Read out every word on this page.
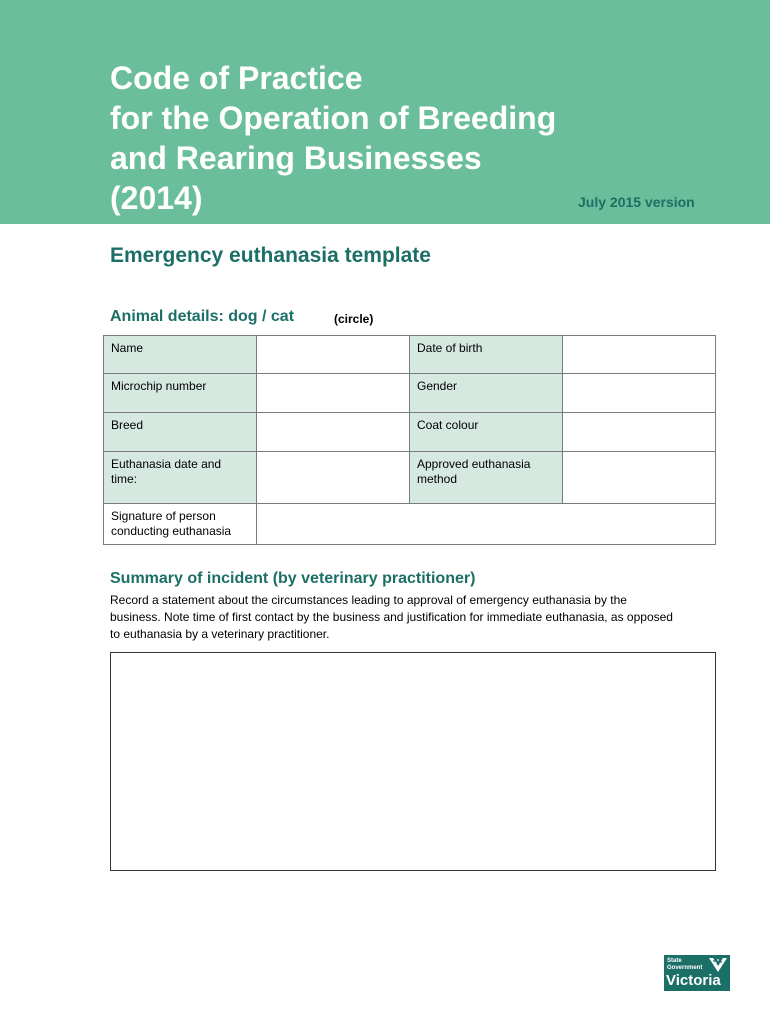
Code of Practice
for the Operation of Breeding
and Rearing Businesses
(2014)	July 2015 version
Emergency euthanasia template
Animal details: dog / cat	(circle)
Name		Date of birth	
Microchip number		Gender	
Breed		Coat colour	
Euthanasia date and time:		Approved euthanasia method	
Signature of person conducting euthanasia			
Summary of incident (by veterinary practitioner)

Record a statement about the circumstances leading to approval of emergency euthanasia by the business. Note time of first contact by the business and justification for immediate euthanasia, as opposed to euthanasia by a veterinary practitioner.

State
Government
Victoria
